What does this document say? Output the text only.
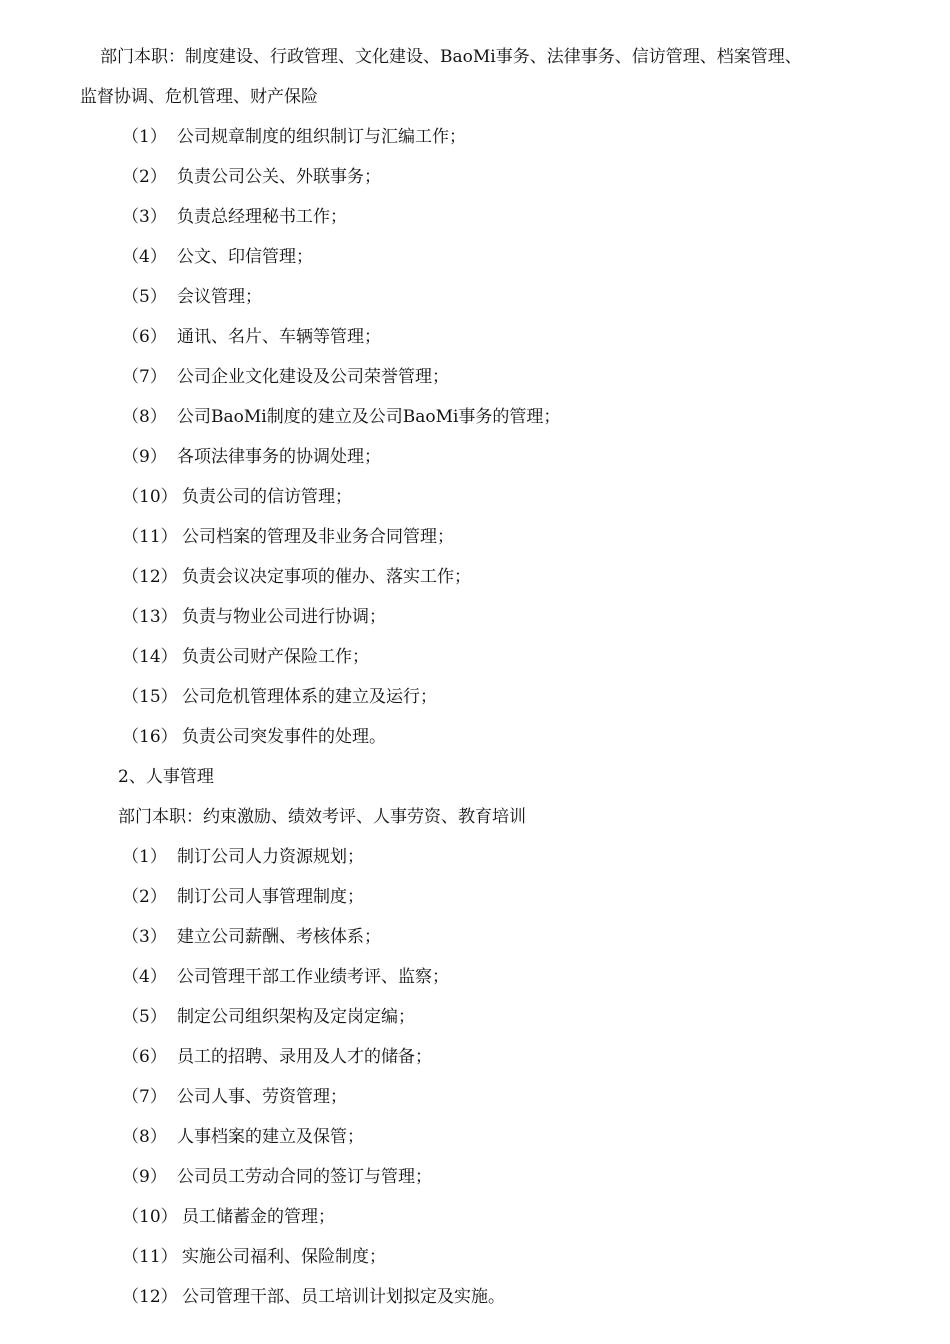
部门本职：制度建设、行政管理、文化建设、BaoMi事务、法律事务、信访管理、档案管理、
监督协调、危机管理、财产保险
（1） 公司规章制度的组织制订与汇编工作；
（2） 负责公司公关、外联事务；
（3） 负责总经理秘书工作；
（4） 公文、印信管理；
（5） 会议管理；
（6） 通讯、名片、车辆等管理；
（7） 公司企业文化建设及公司荣誉管理；
（8） 公司BaoMi制度的建立及公司BaoMi事务的管理；
（9） 各项法律事务的协调处理；
（10） 负责公司的信访管理；
（11） 公司档案的管理及非业务合同管理；
（12） 负责会议决定事项的催办、落实工作；
（13） 负责与物业公司进行协调；
（14） 负责公司财产保险工作；
（15） 公司危机管理体系的建立及运行；
（16） 负责公司突发事件的处理。
2、人事管理
部门本职：约束激励、绩效考评、人事劳资、教育培训
（1） 制订公司人力资源规划；
（2） 制订公司人事管理制度；
（3） 建立公司薪酬、考核体系；
（4） 公司管理干部工作业绩考评、监察；
（5） 制定公司组织架构及定岗定编；
（6） 员工的招聘、录用及人才的储备；
（7） 公司人事、劳资管理；
（8） 人事档案的建立及保管；
（9） 公司员工劳动合同的签订与管理；
（10） 员工储蓄金的管理；
（11） 实施公司福利、保险制度；
（12） 公司管理干部、员工培训计划拟定及实施。
